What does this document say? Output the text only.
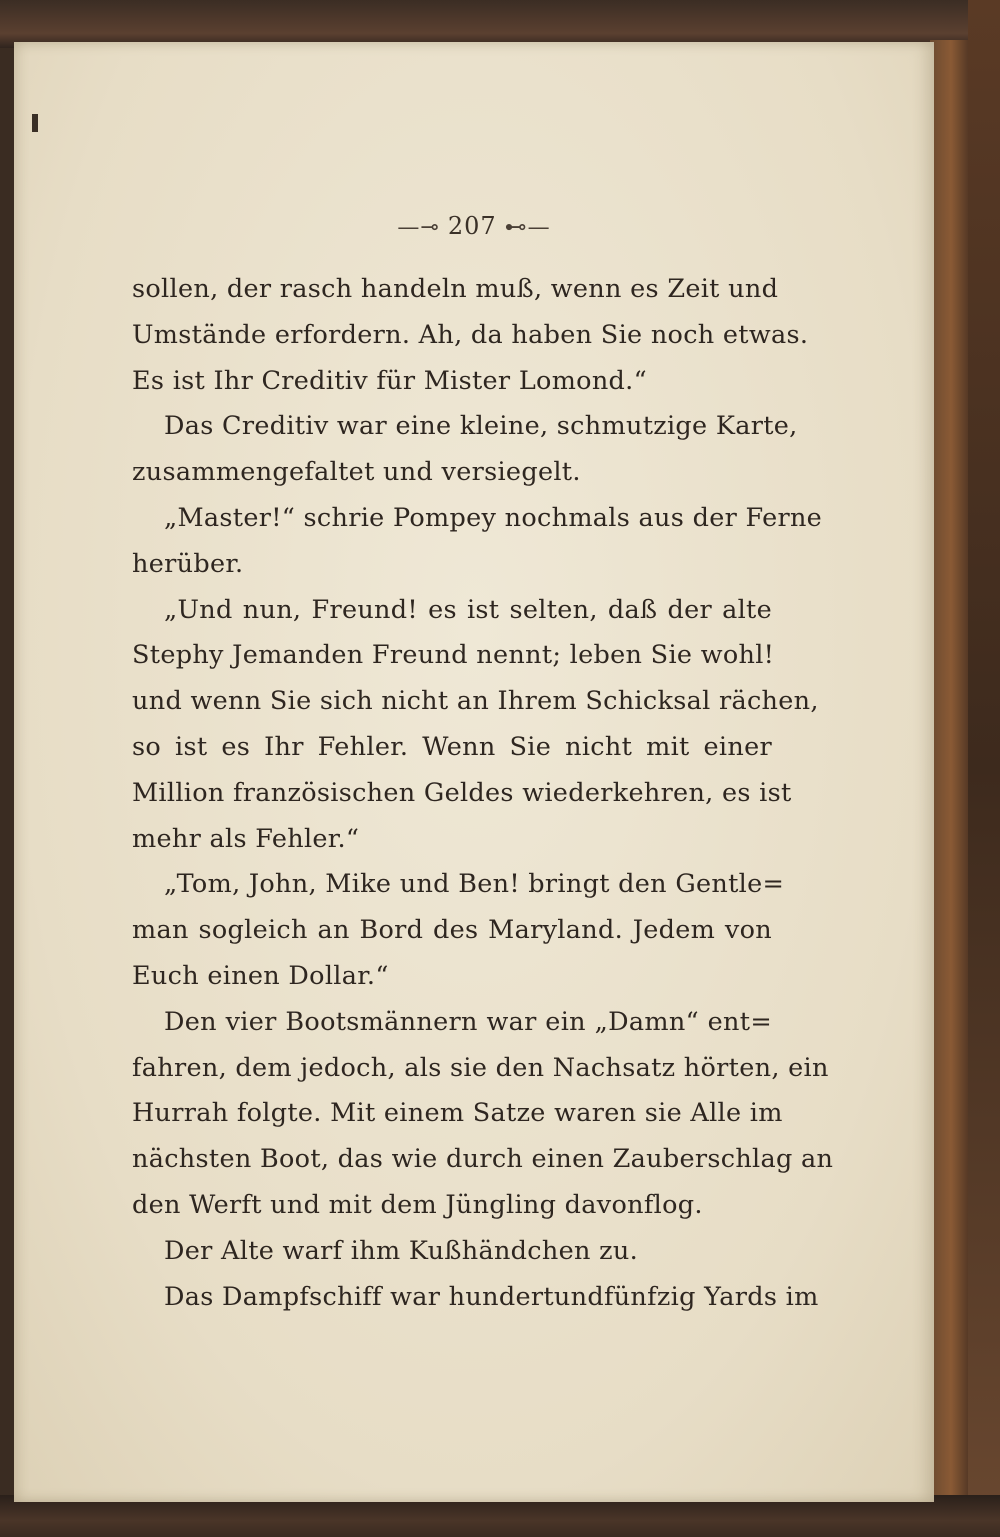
—⊸ 207 ⊷—
sollen, der rasch handeln muß, wenn es Zeit und
Umstände erfordern. Ah, da haben Sie noch etwas.
Es ist Ihr Creditiv für Mister Lomond.“
Das Creditiv war eine kleine, schmutzige Karte,
zusammengefaltet und versiegelt.
„Master!“ schrie Pompey nochmals aus der Ferne
herüber.
„Und nun, Freund! es ist selten, daß der alte
Stephy Jemanden Freund nennt; leben Sie wohl!
und wenn Sie sich nicht an Ihrem Schicksal rächen,
so ist es Ihr Fehler. Wenn Sie nicht mit einer
Million französischen Geldes wiederkehren, es ist
mehr als Fehler.“
„Tom, John, Mike und Ben! bringt den Gentle=
man sogleich an Bord des Maryland. Jedem von
Euch einen Dollar.“
Den vier Bootsmännern war ein „Damn“ ent=
fahren, dem jedoch, als sie den Nachsatz hörten, ein
Hurrah folgte. Mit einem Satze waren sie Alle im
nächsten Boot, das wie durch einen Zauberschlag an
den Werft und mit dem Jüngling davonflog.
Der Alte warf ihm Kußhändchen zu.
Das Dampfschiff war hundertundfünfzig Yards im
